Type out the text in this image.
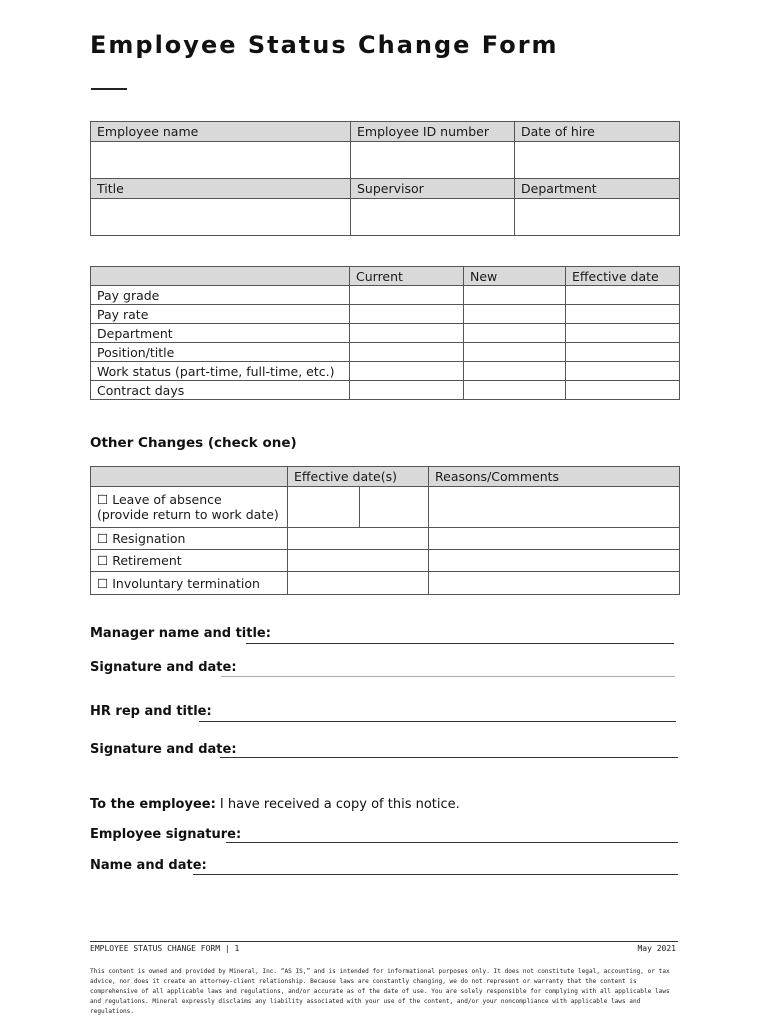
Employee Status Change Form
Employee name	Employee ID number	Date of hire

Title	Supervisor	Department

	Current	New	Effective date
Pay grade			
Pay rate			
Department			
Position/title			
Work status (part-time, full-time, etc.)			
Contract days			
Other Changes (check one)
	Effective date(s)		Reasons/Comments
☐ Leave of absence
(provide return to work date)			
☐ Resignation			
☐ Retirement			
☐ Involuntary termination			
Manager name and title:
Signature and date:
HR rep and title:
Signature and date:
To the employee: I have received a copy of this notice.
Employee signature:
Name and date:
EMPLOYEE STATUS CHANGE FORM | 1	May 2021

This content is owned and provided by Mineral, Inc. “AS IS,” and is intended for informational purposes only. It does not constitute legal, accounting, or tax advice, nor does it create an attorney-client relationship. Because laws are constantly changing, we do not represent or warranty that the content is comprehensive of all applicable laws and regulations, and/or accurate as of the date of use. You are solely responsible for complying with all applicable laws and regulations. Mineral expressly disclaims any liability associated with your use of the content, and/or your noncompliance with applicable laws and regulations.
